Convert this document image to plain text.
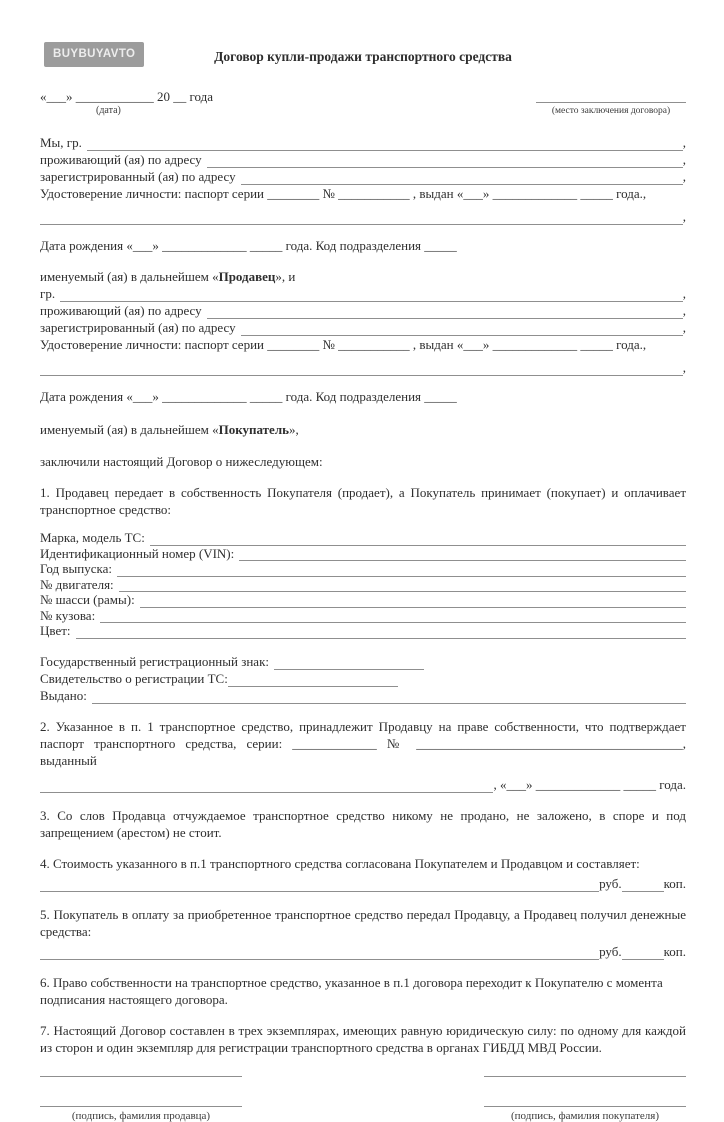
BUYBUYAVTO	Договор купли-продажи транспортного средства
«___» ____________ 20 __ года
(дата)	(место заключения договора)
Мы, гр.	,
проживающий (ая) по адресу	,
зарегистрированный (ая) по адресу	,
Удостоверение личности: паспорт серии ________ № ___________ , выдан «___» _____________ _____ года.,
,
Дата рождения «___» _____________ _____ года. Код подразделения _____
именуемый (ая) в дальнейшем «Продавец», и
гр.	,
проживающий (ая) по адресу	,
зарегистрированный (ая) по адресу	,
Удостоверение личности: паспорт серии ________ № ___________ , выдан «___» _____________ _____ года.,
,
Дата рождения «___» _____________ _____ года. Код подразделения _____
именуемый (ая) в дальнейшем «Покупатель»,
заключили настоящий Договор о нижеследующем:
1. Продавец передает в собственность Покупателя (продает), а Покупатель принимает (покупает) и оплачивает транспортное средство:
Марка, модель ТС:
Идентификационный номер (VIN):
Год выпуска:
№ двигателя:
№ шасси (рамы):
№ кузова:
Цвет:
Государственный регистрационный знак:
Свидетельство о регистрации ТС:
Выдано:
2. Указанное в п. 1 транспортное средство, принадлежит Продавцу на праве собственности, что подтверждает паспорт транспортного средства, серии: _____________ № _________________________________________, выданный
, «___» _____________ _____ года.
3. Со слов Продавца отчуждаемое транспортное средство никому не продано, не заложено, в споре и под запрещением (арестом) не стоит.
4. Стоимость указанного в п.1 транспортного средства согласована Покупателем и Продавцом и составляет:
руб.	коп.
5. Покупатель в оплату за приобретенное транспортное средство передал Продавцу, а Продавец получил денежные средства:
руб.	коп.
6. Право собственности на транспортное средство, указанное в п.1 договора переходит к Покупателю с момента подписания настоящего договора.
7. Настоящий Договор составлен в трех экземплярах, имеющих равную юридическую силу: по одному для каждой из сторон и один экземпляр для регистрации транспортного средства в органах ГИБДД МВД России.
(подпись, фамилия продавца)	(подпись, фамилия покупателя)
